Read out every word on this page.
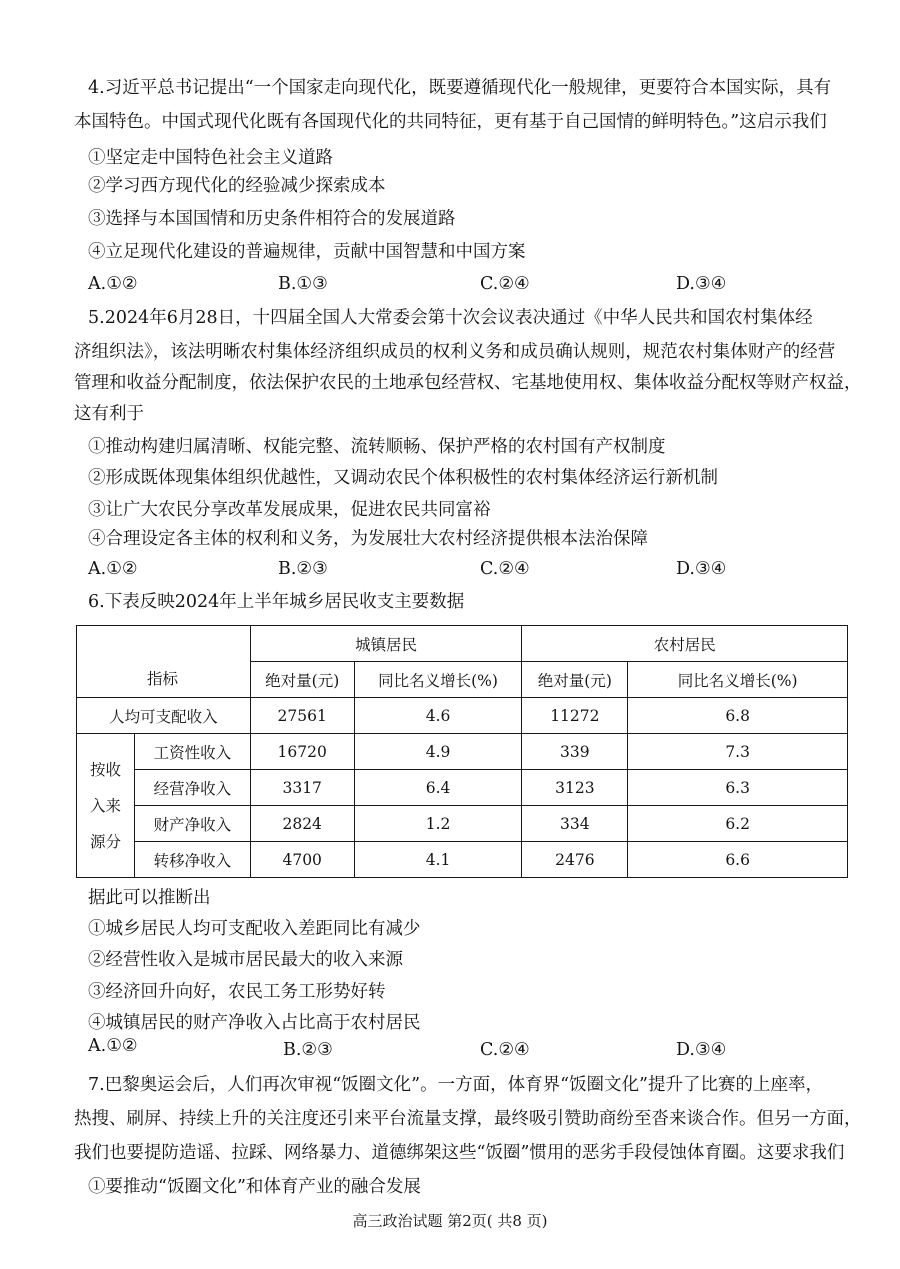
4.习近平总书记提出“一个国家走向现代化，既要遵循现代化一般规律，更要符合本国实际，具有
本国特色。中国式现代化既有各国现代化的共同特征，更有基于自己国情的鲜明特色。”这启示我们
①坚定走中国特色社会主义道路
②学习西方现代化的经验减少探索成本
③选择与本国国情和历史条件相符合的发展道路
④立足现代化建设的普遍规律，贡献中国智慧和中国方案
A.①②	B.①③	C.②④	D.③④
5.2024年6月28日，十四届全国人大常委会第十次会议表决通过《中华人民共和国农村集体经
济组织法》，该法明晰农村集体经济组织成员的权利义务和成员确认规则，规范农村集体财产的经营
管理和收益分配制度，依法保护农民的土地承包经营权、宅基地使用权、集体收益分配权等财产权益，
这有利于
①推动构建归属清晰、权能完整、流转顺畅、保护严格的农村国有产权制度
②形成既体现集体组织优越性，又调动农民个体积极性的农村集体经济运行新机制
③让广大农民分享改革发展成果，促进农民共同富裕
④合理设定各主体的权利和义务，为发展壮大农村经济提供根本法治保障
A.①②	B.②③	C.②④	D.③④
6.下表反映2024年上半年城乡居民收支主要数据
指标		城镇居民		农村居民	
		绝对量(元)	同比名义增长(%)	绝对量(元)	同比名义增长(%)
人均可支配收入		27561	4.6	11272	6.8

按收
入来
源分	工资性收入	16720	4.9	339	7.3
	经营净收入	3317	6.4	3123	6.3
	财产净收入	2824	1.2	334	6.2
	转移净收入	4700	4.1	2476	6.6
据此可以推断出
①城乡居民人均可支配收入差距同比有减少
②经营性收入是城市居民最大的收入来源
③经济回升向好，农民工务工形势好转
④城镇居民的财产净收入占比高于农村居民
A.①②	B.②③	C.②④	D.③④
7.巴黎奥运会后，人们再次审视“饭圈文化”。一方面，体育界“饭圈文化”提升了比赛的上座率，
热搜、刷屏、持续上升的关注度还引来平台流量支撑，最终吸引赞助商纷至沓来谈合作。但另一方面，
我们也要提防造谣、拉踩、网络暴力、道德绑架这些“饭圈”惯用的恶劣手段侵蚀体育圈。这要求我们
①要推动“饭圈文化”和体育产业的融合发展
高三政治试题 第2页( 共8 页)
